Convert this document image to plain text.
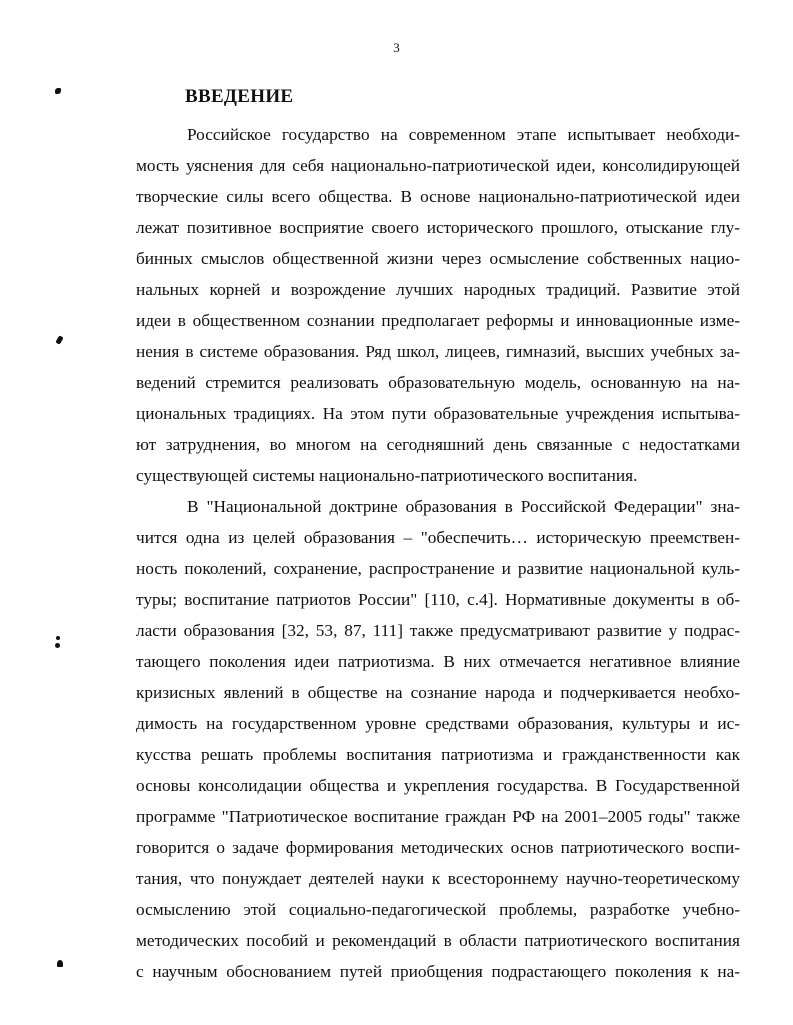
3
ВВЕДЕНИЕ
Российское государство на современном этапе испытывает необходи-
мость уяснения для себя национально-патриотической идеи, консолидирующей
творческие силы всего общества. В основе национально-патриотической идеи
лежат позитивное восприятие своего исторического прошлого, отыскание глу-
бинных смыслов общественной жизни через осмысление собственных нацио-
нальных корней и возрождение лучших народных традиций. Развитие этой
идеи в общественном сознании предполагает реформы и инновационные изме-
нения в системе образования. Ряд школ, лицеев, гимназий, высших учебных за-
ведений стремится реализовать образовательную модель, основанную на на-
циональных традициях. На этом пути образовательные учреждения испытыва-
ют затруднения, во многом на сегодняшний день связанные с недостатками
существующей системы национально-патриотического воспитания.
В "Национальной доктрине образования в Российской Федерации" зна-
чится одна из целей образования – "обеспечить… историческую преемствен-
ность поколений, сохранение, распространение и развитие национальной куль-
туры; воспитание патриотов России" [110, с.4]. Нормативные документы в об-
ласти образования [32, 53, 87, 111] также предусматривают развитие у подрас-
тающего поколения идеи патриотизма. В них отмечается негативное влияние
кризисных явлений в обществе на сознание народа и подчеркивается необхо-
димость на государственном уровне средствами образования, культуры и ис-
кусства решать проблемы воспитания патриотизма и гражданственности как
основы консолидации общества и укрепления государства. В Государственной
программе "Патриотическое воспитание граждан РФ на 2001–2005 годы" также
говорится о задаче формирования методических основ патриотического воспи-
тания, что понуждает деятелей науки к всестороннему научно-теоретическому
осмыслению этой социально-педагогической проблемы, разработке учебно-
методических пособий и рекомендаций в области патриотического воспитания
с научным обоснованием путей приобщения подрастающего поколения к на-
